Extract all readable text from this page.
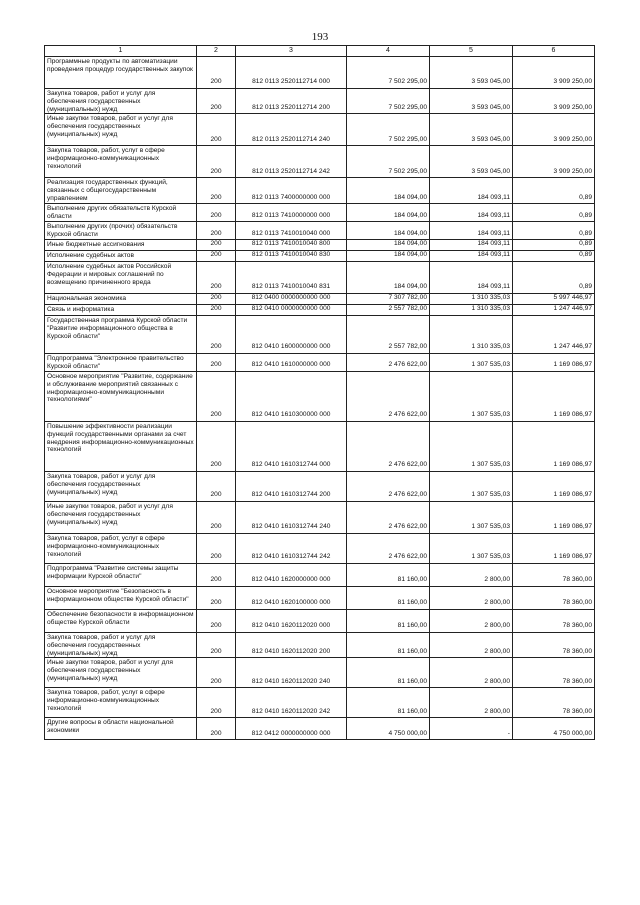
193
1	2	3	4	5	6
Программные продукты по автоматизации проведения процедур государственных закупок	200	812 0113 2520112714 000	7 502 295,00	3 593 045,00	3 909 250,00
Закупка товаров, работ и услуг для обеспечения государственных (муниципальных) нужд	200	812 0113 2520112714 200	7 502 295,00	3 593 045,00	3 909 250,00
Иные закупки товаров, работ и услуг для обеспечения государственных (муниципальных) нужд	200	812 0113 2520112714 240	7 502 295,00	3 593 045,00	3 909 250,00
Закупка товаров, работ, услуг в сфере информационно-коммуникационных технологий	200	812 0113 2520112714 242	7 502 295,00	3 593 045,00	3 909 250,00
Реализация государственных функций, связанных с общегосударственным управлением	200	812 0113 7400000000 000	184 094,00	184 093,11	0,89
Выполнение других обязательств Курской области	200	812 0113 7410000000 000	184 094,00	184 093,11	0,89
Выполнение других (прочих) обязательств Курской области	200	812 0113 7410010040 000	184 094,00	184 093,11	0,89
Иные бюджетные ассигнования	200	812 0113 7410010040 800	184 094,00	184 093,11	0,89
Исполнение судебных актов	200	812 0113 7410010040 830	184 094,00	184 093,11	0,89
Исполнение судебных актов Российской Федерации и мировых соглашений по возмещению причиненного вреда	200	812 0113 7410010040 831	184 094,00	184 093,11	0,89
Национальная экономика	200	812 0400 0000000000 000	7 307 782,00	1 310 335,03	5 997 446,97
Связь и информатика	200	812 0410 0000000000 000	2 557 782,00	1 310 335,03	1 247 446,97
Государственная программа Курской области "Развитие информационного общества в Курской области"	200	812 0410 1600000000 000	2 557 782,00	1 310 335,03	1 247 446,97
Подпрограмма "Электронное правительство Курской области"	200	812 0410 1610000000 000	2 476 622,00	1 307 535,03	1 169 086,97
Основное мероприятие "Развитие, содержание и обслуживание мероприятий связанных с информационно-коммуникационными технологиями"	200	812 0410 1610300000 000	2 476 622,00	1 307 535,03	1 169 086,97
Повышение эффективности реализации функций государственными органами за счет внедрения информационно-коммуникационных технологий	200	812 0410 1610312744 000	2 476 622,00	1 307 535,03	1 169 086,97
Закупка товаров, работ и услуг для обеспечения государственных (муниципальных) нужд	200	812 0410 1610312744 200	2 476 622,00	1 307 535,03	1 169 086,97
Иные закупки товаров, работ и услуг для обеспечения государственных (муниципальных) нужд	200	812 0410 1610312744 240	2 476 622,00	1 307 535,03	1 169 086,97
Закупка товаров, работ, услуг в сфере информационно-коммуникационных технологий	200	812 0410 1610312744 242	2 476 622,00	1 307 535,03	1 169 086,97
Подпрограмма "Развитие системы защиты информации Курской области"	200	812 0410 1620000000 000	81 160,00	2 800,00	78 360,00
Основное мероприятие "Безопасность в информационном обществе Курской области"	200	812 0410 1620100000 000	81 160,00	2 800,00	78 360,00
Обеспечение безопасности в информационном обществе Курской области	200	812 0410 1620112020 000	81 160,00	2 800,00	78 360,00
Закупка товаров, работ и услуг для обеспечения государственных (муниципальных) нужд	200	812 0410 1620112020 200	81 160,00	2 800,00	78 360,00
Иные закупки товаров, работ и услуг для обеспечения государственных (муниципальных) нужд	200	812 0410 1620112020 240	81 160,00	2 800,00	78 360,00
Закупка товаров, работ, услуг в сфере информационно-коммуникационных технологий	200	812 0410 1620112020 242	81 160,00	2 800,00	78 360,00
Другие вопросы в области национальной экономики	200	812 0412 0000000000 000	4 750 000,00	-	4 750 000,00
